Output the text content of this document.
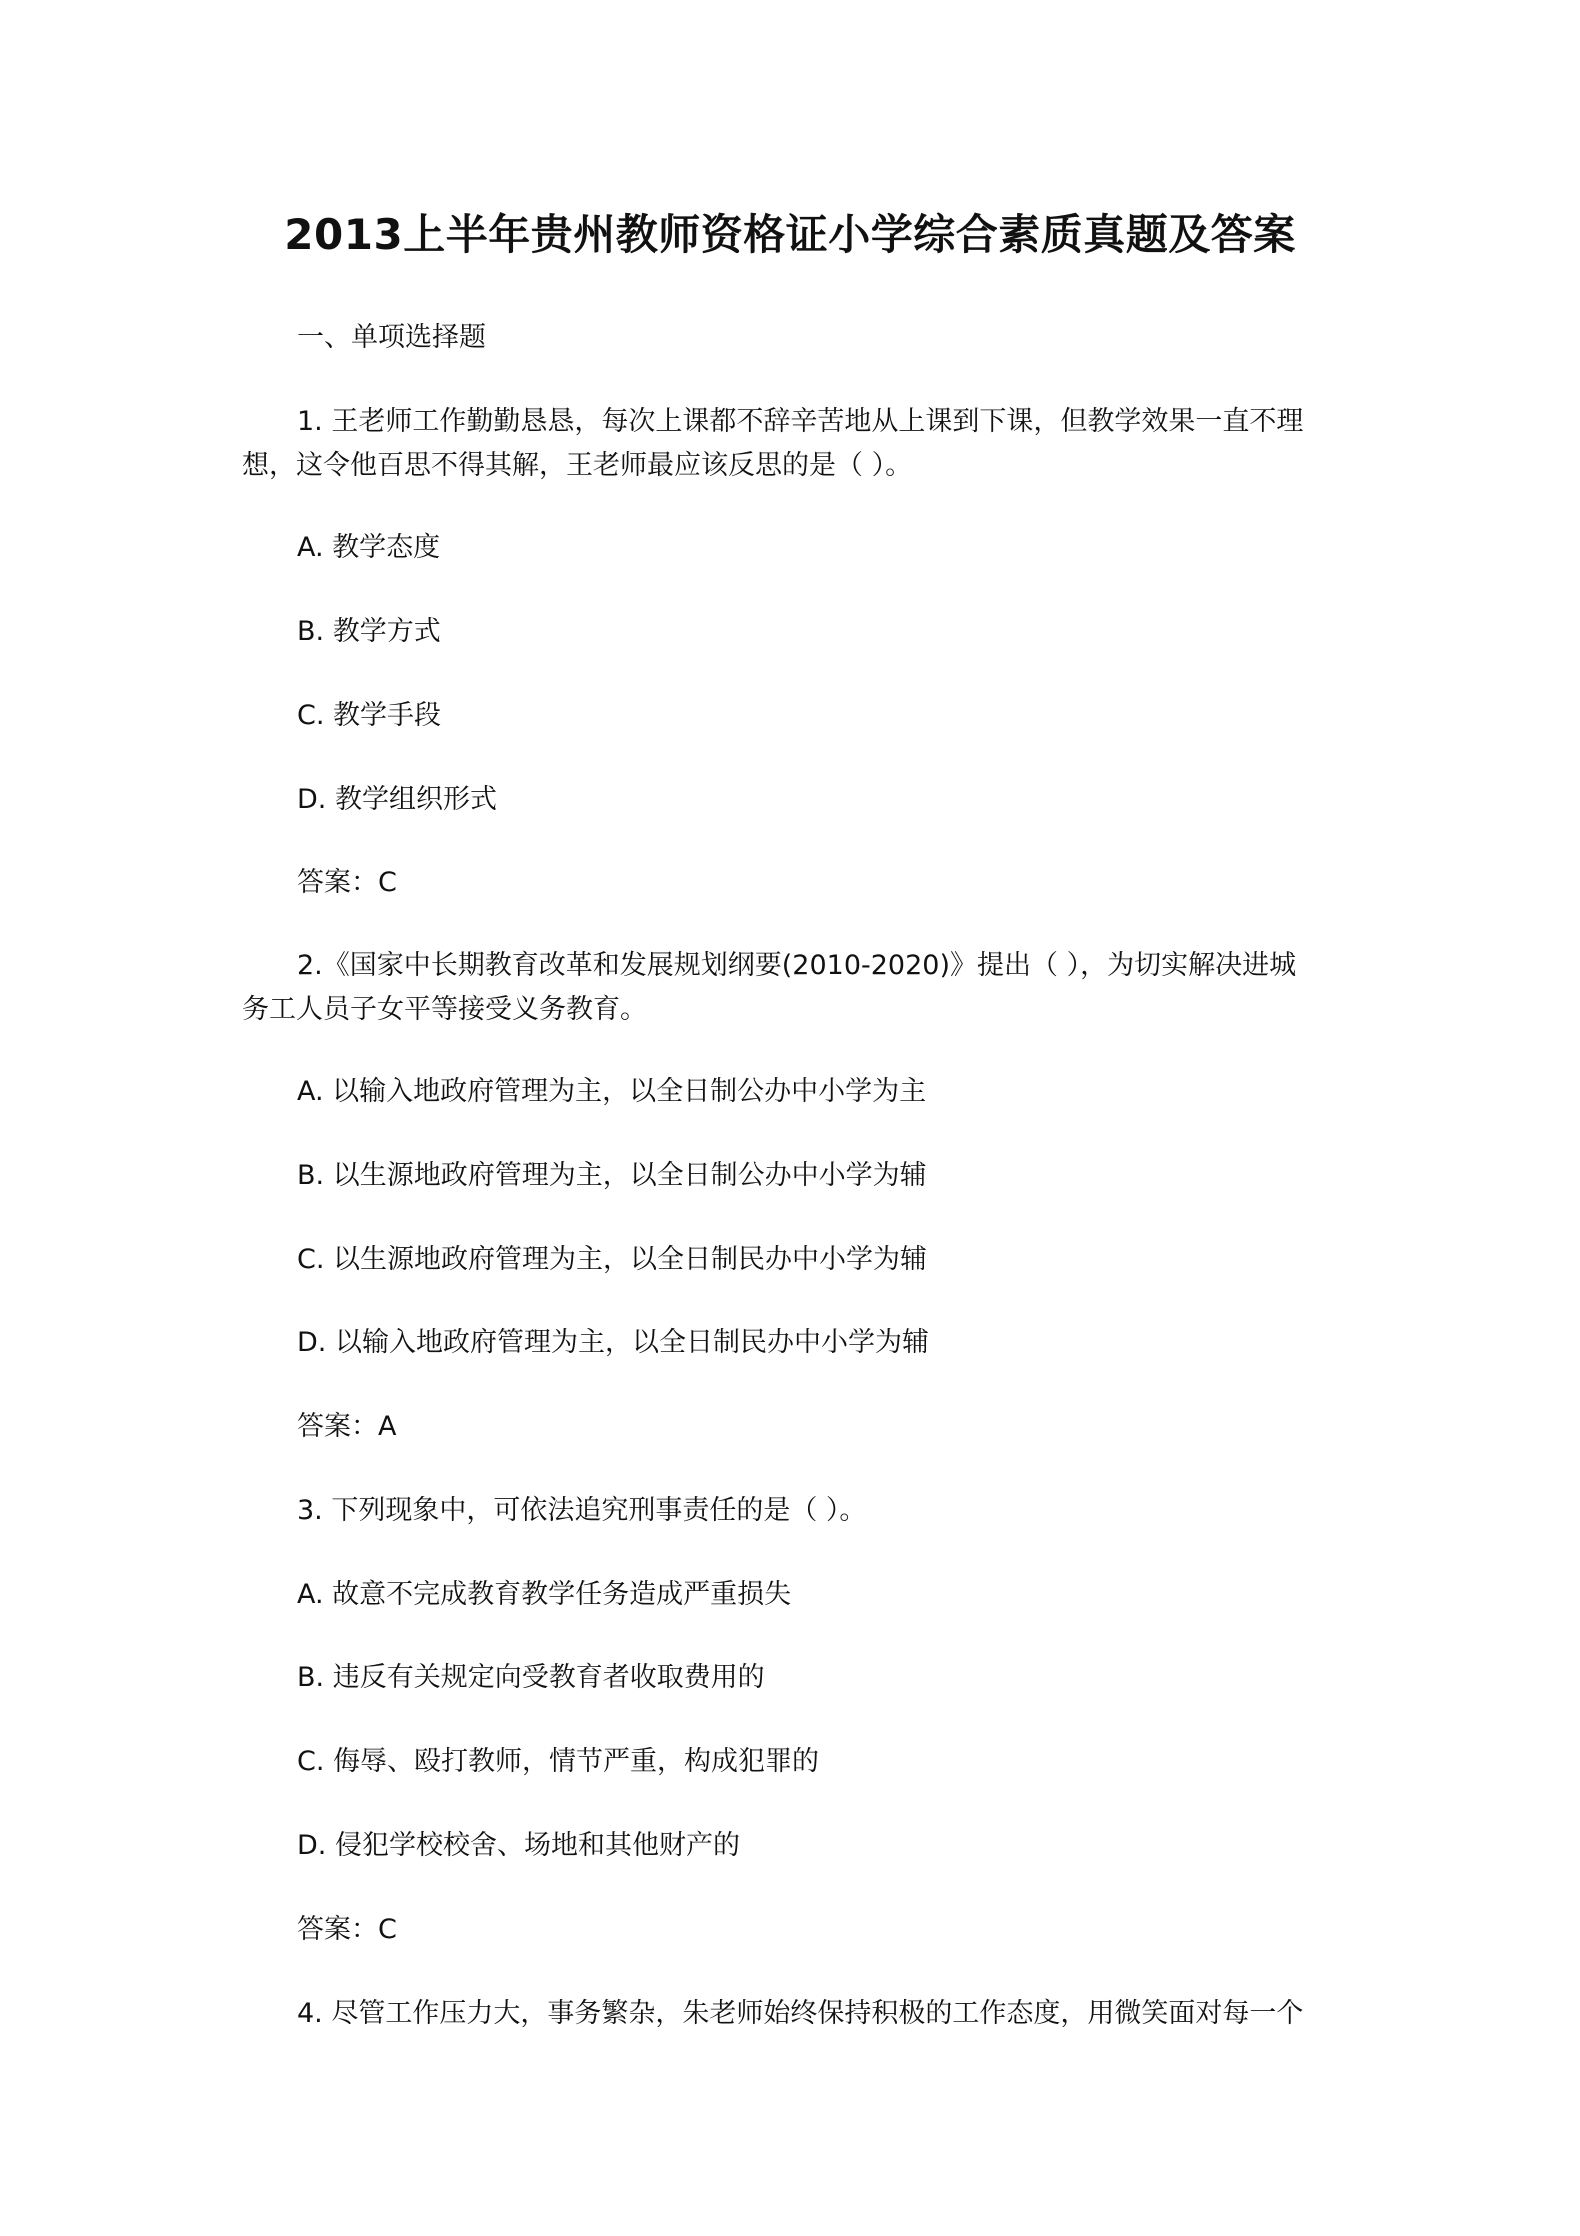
2013上半年贵州教师资格证小学综合素质真题及答案
一、单项选择题
1. 王老师工作勤勤恳恳，每次上课都不辞辛苦地从上课到下课，但教学效果一直不理
想，这令他百思不得其解，王老师最应该反思的是（ ）。
A. 教学态度
B. 教学方式
C. 教学手段
D. 教学组织形式
答案：C
2.《国家中长期教育改革和发展规划纲要(2010-2020)》提出（ ），为切实解决进城
务工人员子女平等接受义务教育。
A. 以输入地政府管理为主，以全日制公办中小学为主
B. 以生源地政府管理为主，以全日制公办中小学为辅
C. 以生源地政府管理为主，以全日制民办中小学为辅
D. 以输入地政府管理为主，以全日制民办中小学为辅
答案：A
3. 下列现象中，可依法追究刑事责任的是（ ）。
A. 故意不完成教育教学任务造成严重损失
B. 违反有关规定向受教育者收取费用的
C. 侮辱、殴打教师，情节严重，构成犯罪的
D. 侵犯学校校舍、场地和其他财产的
答案：C
4. 尽管工作压力大，事务繁杂，朱老师始终保持积极的工作态度，用微笑面对每一个
